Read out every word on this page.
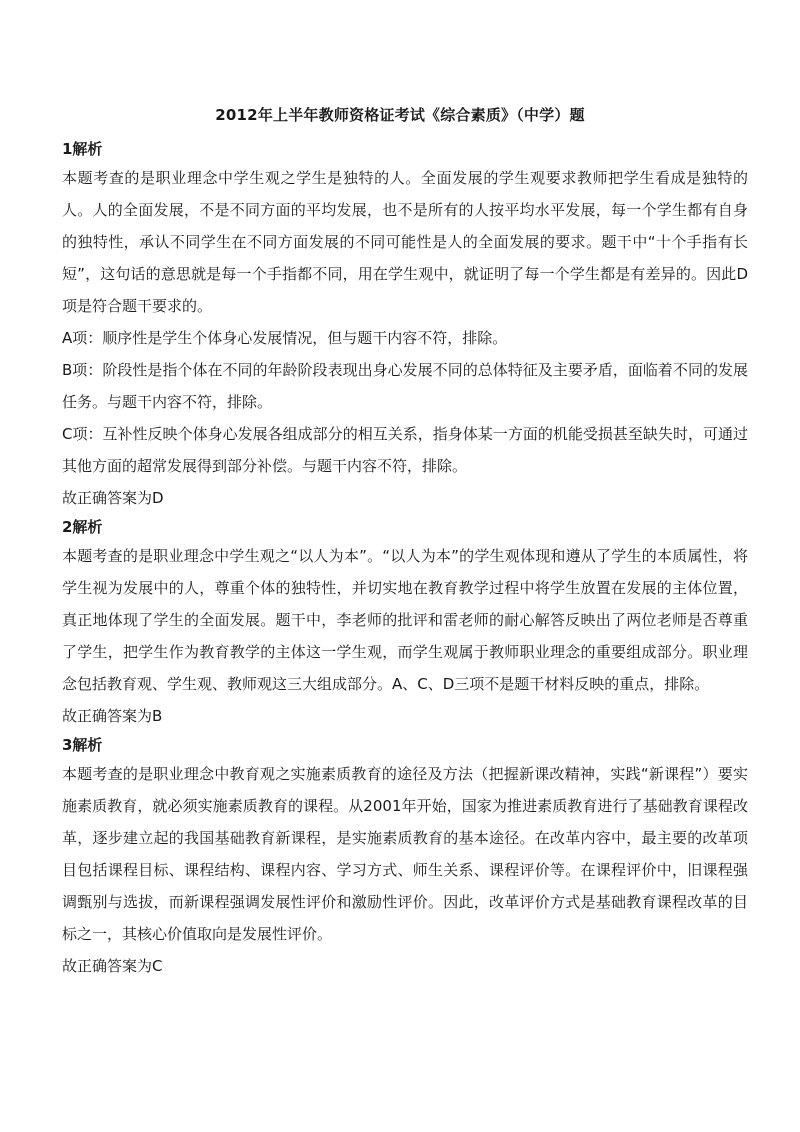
2012年上半年教师资格证考试《综合素质》（中学）题

1解析

本题考查的是职业理念中学生观之学生是独特的人。全面发展的学生观要求教师把学生看成是独特的人。人的全面发展，不是不同方面的平均发展，也不是所有的人按平均水平发展，每一个学生都有自身的独特性，承认不同学生在不同方面发展的不同可能性是人的全面发展的要求。题干中“十个手指有长短”，这句话的意思就是每一个手指都不同，用在学生观中，就证明了每一个学生都是有差异的。因此D项是符合题干要求的。

A项：顺序性是学生个体身心发展情况，但与题干内容不符，排除。

B项：阶段性是指个体在不同的年龄阶段表现出身心发展不同的总体特征及主要矛盾，面临着不同的发展任务。与题干内容不符，排除。

C项：互补性反映个体身心发展各组成部分的相互关系，指身体某一方面的机能受损甚至缺失时，可通过其他方面的超常发展得到部分补偿。与题干内容不符，排除。

故正确答案为D

2解析

本题考查的是职业理念中学生观之“以人为本”。“以人为本”的学生观体现和遵从了学生的本质属性，将学生视为发展中的人，尊重个体的独特性，并切实地在教育教学过程中将学生放置在发展的主体位置，真正地体现了学生的全面发展。题干中，李老师的批评和雷老师的耐心解答反映出了两位老师是否尊重了学生，把学生作为教育教学的主体这一学生观，而学生观属于教师职业理念的重要组成部分。职业理念包括教育观、学生观、教师观这三大组成部分。A、C、D三项不是题干材料反映的重点，排除。

故正确答案为B

3解析

本题考查的是职业理念中教育观之实施素质教育的途径及方法（把握新课改精神，实践“新课程”）要实施素质教育，就必须实施素质教育的课程。从2001年开始，国家为推进素质教育进行了基础教育课程改革，逐步建立起的我国基础教育新课程，是实施素质教育的基本途径。在改革内容中，最主要的改革项目包括课程目标、课程结构、课程内容、学习方式、师生关系、课程评价等。在课程评价中，旧课程强调甄别与选拔，而新课程强调发展性评价和激励性评价。因此，改革评价方式是基础教育课程改革的目标之一，其核心价值取向是发展性评价。

故正确答案为C
